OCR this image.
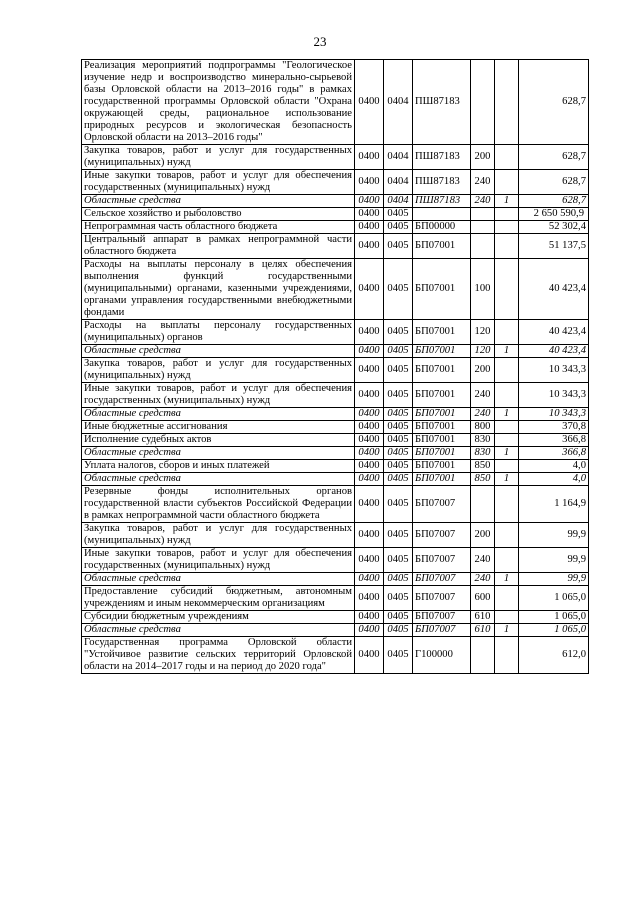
23
Реализация мероприятий подпрограммы "Геологическое изучение недр и воспроизводство минерально-сырьевой базы Орловской области на 2013–2016 годы" в рамках государственной программы Орловской области "Охрана окружающей среды, рациональное использование природных ресурсов и экологическая безопасность Орловской области на 2013–2016 годы"	0400	0404	ПШ87183			628,7
Закупка товаров, работ и услуг для государственных (муниципальных) нужд	0400	0404	ПШ87183	200		628,7
Иные закупки товаров, работ и услуг для обеспечения государственных (муниципальных) нужд	0400	0404	ПШ87183	240		628,7
Областные средства	0400	0404	ПШ87183	240	1	628,7
Сельское хозяйство и рыболовство	0400	0405				2 650 590,9
Непрограммная часть областного бюджета	0400	0405	БП00000			52 302,4
Центральный аппарат в рамках непрограммной части областного бюджета	0400	0405	БП07001			51 137,5
Расходы на выплаты персоналу в целях обеспечения выполнения функций государственными (муниципальными) органами, казенными учреждениями, органами управления государственными внебюджетными фондами	0400	0405	БП07001	100		40 423,4
Расходы на выплаты персоналу государственных (муниципальных) органов	0400	0405	БП07001	120		40 423,4
Областные средства	0400	0405	БП07001	120	1	40 423,4
Закупка товаров, работ и услуг для государственных (муниципальных) нужд	0400	0405	БП07001	200		10 343,3
Иные закупки товаров, работ и услуг для обеспечения государственных (муниципальных) нужд	0400	0405	БП07001	240		10 343,3
Областные средства	0400	0405	БП07001	240	1	10 343,3
Иные бюджетные ассигнования	0400	0405	БП07001	800		370,8
Исполнение судебных актов	0400	0405	БП07001	830		366,8
Областные средства	0400	0405	БП07001	830	1	366,8
Уплата налогов, сборов и иных платежей	0400	0405	БП07001	850		4,0
Областные средства	0400	0405	БП07001	850	1	4,0
Резервные фонды исполнительных органов государственной власти субъектов Российской Федерации в рамках непрограммной части областного бюджета	0400	0405	БП07007			1 164,9
Закупка товаров, работ и услуг для государственных (муниципальных) нужд	0400	0405	БП07007	200		99,9
Иные закупки товаров, работ и услуг для обеспечения государственных (муниципальных) нужд	0400	0405	БП07007	240		99,9
Областные средства	0400	0405	БП07007	240	1	99,9
Предоставление субсидий бюджетным, автономным учреждениям и иным некоммерческим организациям	0400	0405	БП07007	600		1 065,0
Субсидии бюджетным учреждениям	0400	0405	БП07007	610		1 065,0
Областные средства	0400	0405	БП07007	610	1	1 065,0
Государственная программа Орловской области "Устойчивое развитие сельских территорий Орловской области на 2014–2017 годы и на период до 2020 года"	0400	0405	Г100000			612,0
